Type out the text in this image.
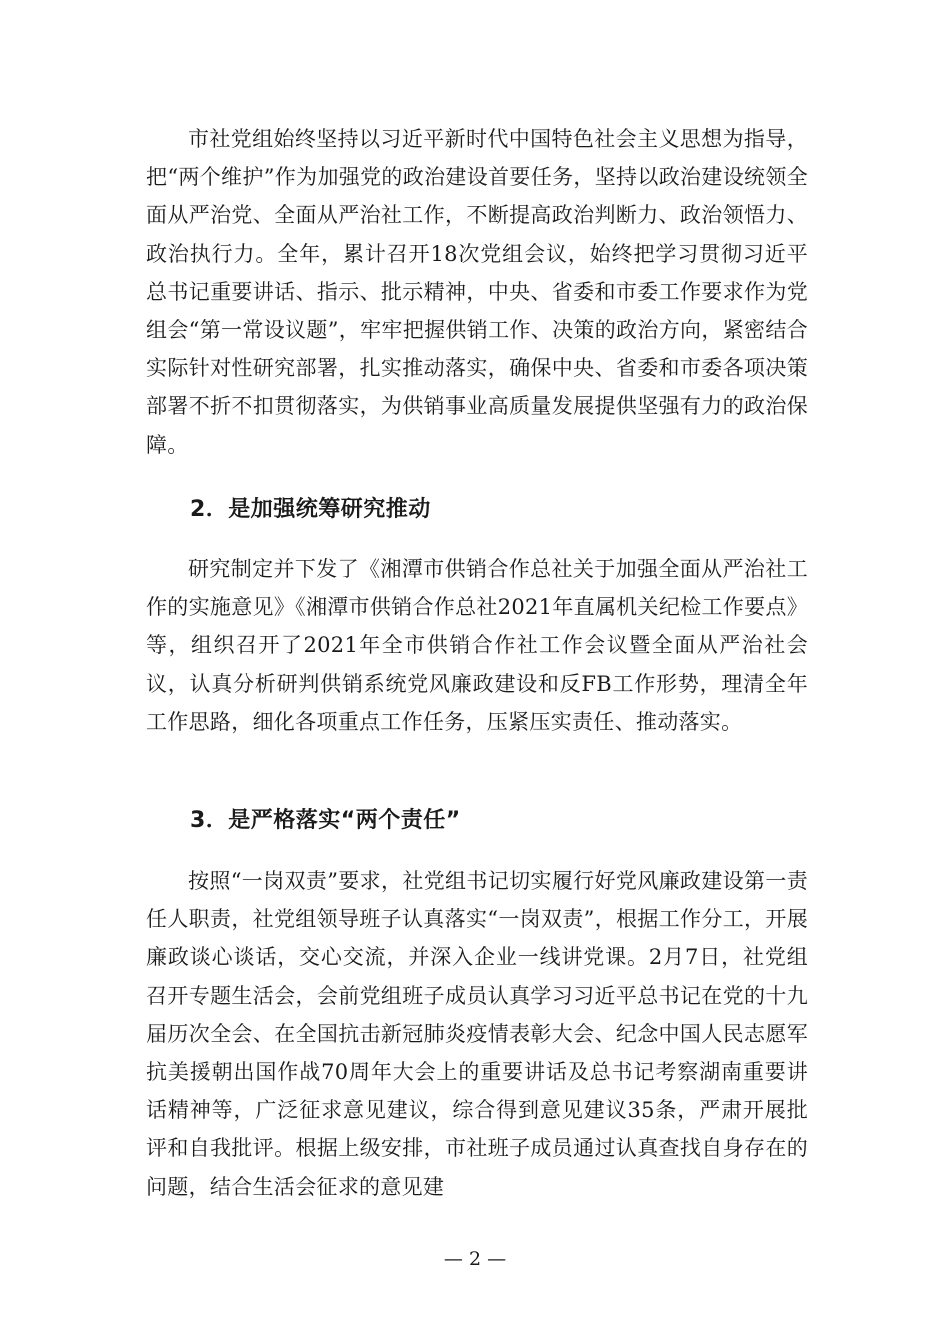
市社党组始终坚持以习近平新时代中国特色社会主义思想为指导，把“两个维护”作为加强党的政治建设首要任务，坚持以政治建设统领全面从严治党、全面从严治社工作，不断提高政治判断力、政治领悟力、政治执行力。全年，累计召开18次党组会议，始终把学习贯彻习近平总书记重要讲话、指示、批示精神，中央、省委和市委工作要求作为党组会“第一常设议题”，牢牢把握供销工作、决策的政治方向，紧密结合实际针对性研究部署，扎实推动落实，确保中央、省委和市委各项决策部署不折不扣贯彻落实，为供销事业高质量发展提供坚强有力的政治保障。

2．是加强统筹研究推动

研究制定并下发了《湘潭市供销合作总社关于加强全面从严治社工作的实施意见》《湘潭市供销合作总社2021年直属机关纪检工作要点》等，组织召开了2021年全市供销合作社工作会议暨全面从严治社会议，认真分析研判供销系统党风廉政建设和反FB工作形势，理清全年工作思路，细化各项重点工作任务，压紧压实责任、推动落实。

3．是严格落实“两个责任”

按照“一岗双责”要求，社党组书记切实履行好党风廉政建设第一责任人职责，社党组领导班子认真落实“一岗双责”，根据工作分工，开展廉政谈心谈话，交心交流，并深入企业一线讲党课。2月7日，社党组召开专题生活会，会前党组班子成员认真学习习近平总书记在党的十九届历次全会、在全国抗击新冠肺炎疫情表彰大会、纪念中国人民志愿军抗美援朝出国作战70周年大会上的重要讲话及总书记考察湖南重要讲话精神等，广泛征求意见建议，综合得到意见建议35条，严肃开展批评和自我批评。根据上级安排，市社班子成员通过认真查找自身存在的问题，结合生活会征求的意见建

— 2 —
